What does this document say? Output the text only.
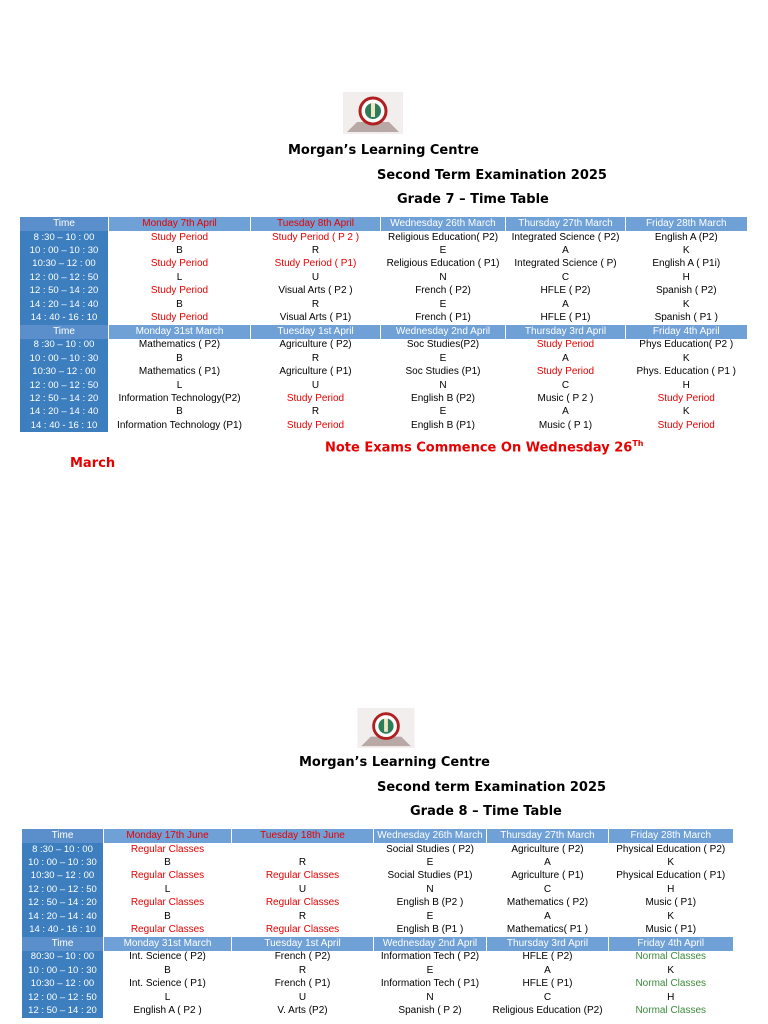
Morgan’s Learning Centre
Second Term Examination 2025
Grade 7 – Time Table
Time	Monday 7th April	Tuesday 8th April	Wednesday 26th March	Thursday 27th March	Friday 28th March
8 :30 – 10 : 00	Study Period	Study Period ( P 2 )	Religious Education( P2)	Integrated Science ( P2)	English A (P2)
10 : 00 – 10 : 30	B	R	E	A	K
10:30 – 12 : 00	Study Period	Study Period ( P1)	Religious Education ( P1)	Integrated Science ( P)	English A ( P1i)
12 : 00 – 12 : 50	L	U	N	C	H
12 : 50 – 14 : 20	Study Period	Visual Arts ( P2 )	French ( P2)	HFLE ( P2)	Spanish ( P2)
14 : 20 – 14 : 40	B	R	E	A	K
14 : 40 - 16 : 10	Study Period	Visual Arts ( P1)	French ( P1)	HFLE ( P1)	Spanish ( P1 )
Time	Monday 31st March	Tuesday 1st April	Wednesday 2nd April	Thursday 3rd April	Friday 4th April
8 :30 – 10 : 00	Mathematics ( P2)	Agriculture ( P2)	Soc Studies(P2)	Study Period	Phys Education( P2 )
10 : 00 – 10 : 30	B	R	E	A	K
10:30 – 12 : 00	Mathematics ( P1)	Agriculture ( P1)	Soc Studies (P1)	Study Period	Phys. Education ( P1 )
12 : 00 – 12 : 50	L	U	N	C	H
12 : 50 – 14 : 20	Information Technology(P2)	Study Period	English B (P2)	Music ( P 2 )	Study Period
14 : 20 – 14 : 40	B	R	E	A	K
14 : 40 - 16 : 10	Information Technology (P1)	Study Period	English B (P1)	Music ( P 1)	Study Period
Note Exams Commence On Wednesday 26Th
March
Morgan’s Learning Centre
Second term Examination 2025
Grade 8 – Time Table
Time	Monday 17th June	Tuesday 18th June	Wednesday 26th March	Thursday 27th March	Friday 28th March
8 :30 – 10 : 00	Regular Classes		Social Studies ( P2)	Agriculture ( P2)	Physical Education ( P2)
10 : 00 – 10 : 30	B	R	E	A	K
10:30 – 12 : 00	Regular Classes	Regular Classes	Social Studies (P1)	Agriculture ( P1)	Physical Education ( P1)
12 : 00 – 12 : 50	L	U	N	C	H
12 : 50 – 14 : 20	Regular Classes	Regular Classes	English B (P2 )	Mathematics ( P2)	Music ( P1)
14 : 20 – 14 : 40	B	R	E	A	K
14 : 40 - 16 : 10	Regular Classes	Regular Classes	English B (P1 )	Mathematics( P1 )	Music ( P1)
Time	Monday 31st March	Tuesday 1st April	Wednesday 2nd April	Thursday 3rd April	Friday 4th April
80:30 – 10 : 00	Int. Science ( P2)	French ( P2)	Information Tech ( P2)	HFLE ( P2)	Normal Classes
10 : 00 – 10 : 30	B	R	E	A	K
10:30 – 12 : 00	Int. Science ( P1)	French ( P1)	Information Tech ( P1)	HFLE ( P1)	Normal Classes
12 : 00 – 12 : 50	L	U	N	C	H
12 : 50 – 14 : 20	English A ( P2 )	V. Arts (P2)	Spanish ( P 2)	Religious Education (P2)	Normal Classes
